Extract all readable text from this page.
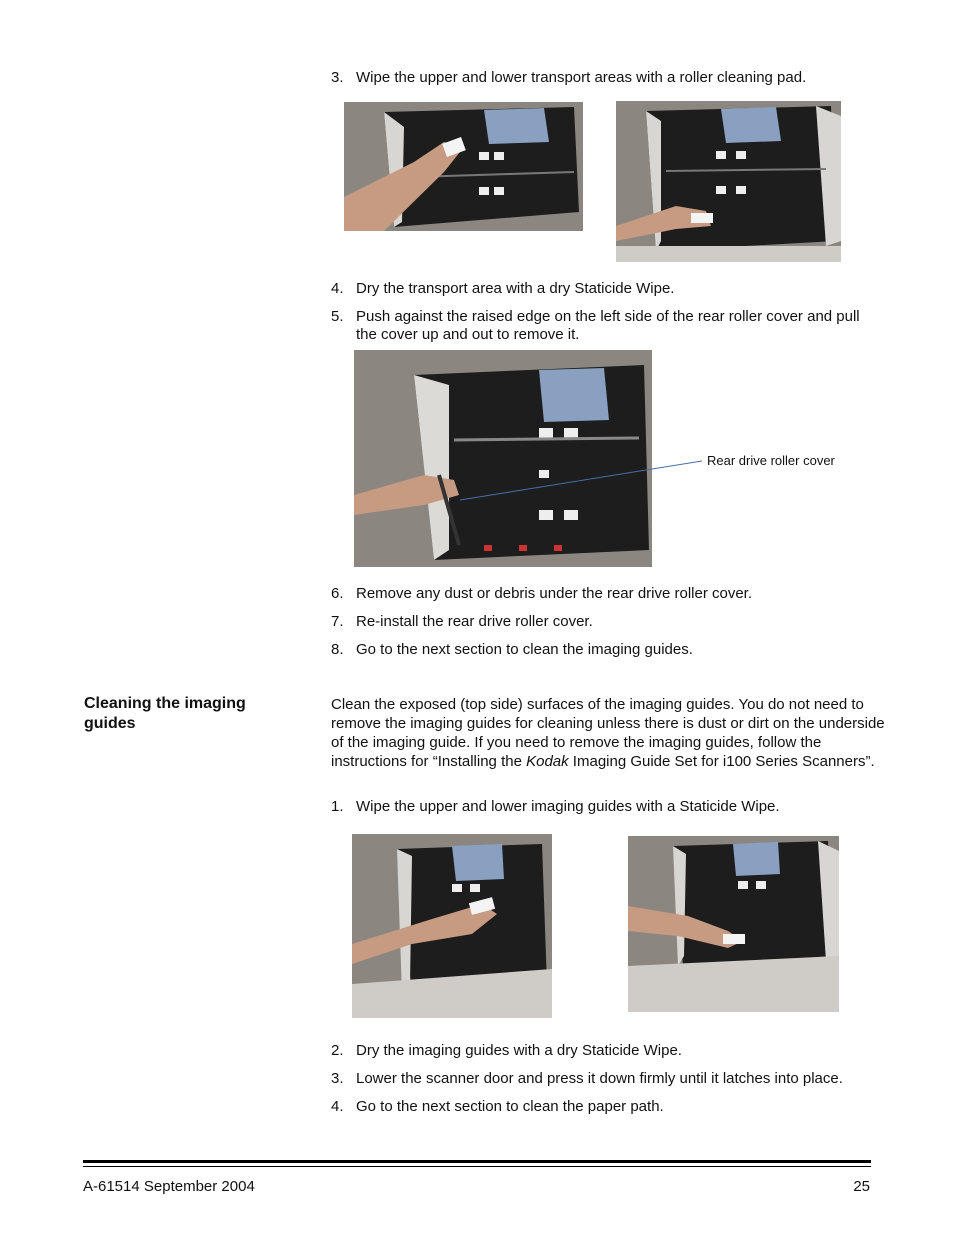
3. Wipe the upper and lower transport areas with a roller cleaning pad.
4. Dry the transport area with a dry Staticide Wipe.
5. Push against the raised edge on the left side of the rear roller cover and pull the cover up and out to remove it.
Rear drive roller cover
6. Remove any dust or debris under the rear drive roller cover.
7. Re-install the rear drive roller cover.
8. Go to the next section to clean the imaging guides.
Cleaning the imaging guides
Clean the exposed (top side) surfaces of the imaging guides. You do not need to remove the imaging guides for cleaning unless there is dust or dirt on the underside of the imaging guide. If you need to remove the imaging guides, follow the instructions for “Installing the Kodak Imaging Guide Set for i100 Series Scanners”.
1. Wipe the upper and lower imaging guides with a Staticide Wipe.
2. Dry the imaging guides with a dry Staticide Wipe.
3. Lower the scanner door and press it down firmly until it latches into place.
4. Go to the next section to clean the paper path.
A-61514 September 2004	25
